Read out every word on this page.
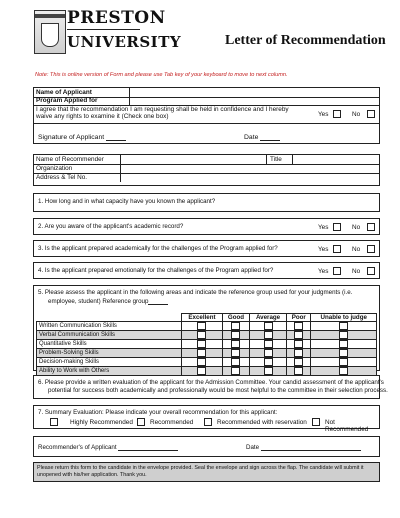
PRESTON
UNIVERSITY	Letter of Recommendation
Note: This is online version of Form and please use Tab key of your keyboard to move to next column.
Name of Applicant
Program Applied for
I agree that the recommendation I am requesting shall be held in confidence and I hereby waive any rights to examine it (Check one box)	Yes	No
Signature of Applicant	Date
Name of Recommender	Title
Organization
Address & Tel No.
1. How long and in what capacity have you known the applicant?
2. Are you aware of the applicant's academic record?	Yes	No
3. Is the applicant prepared academically for the challenges of the Program applied for?	Yes	No
4. Is the applicant prepared emotionally for the challenges of the Program applied for?	Yes	No
5. Please assess the applicant in the following areas and indicate the reference group used for your judgments (i.e.
employee, student) Reference group
	Excellent	Good	Average	Poor	Unable to judge
Written Communication Skills					
Verbal Communication Skills					
Quantitative Skills					
Problem-Solving Skills					
Decision-making Skills					
Ability to Work with Others					
6. Please provide a written evaluation of the applicant for the Admission Committee. Your candid assessment of the applicant's
potential for success both academically and professionally would be most helpful to the committee in their selection process.
7. Summary Evaluation: Please indicate your overall recommendation for this applicant:
Highly Recommended	Recommended	Recommended with reservation	Not Recommended
Recommender's of Applicant	Date
Please return this form to the candidate in the envelope provided. Seal the envelope and sign across the flap. The candidate will submit it unopened with his/her application. Thank you.
